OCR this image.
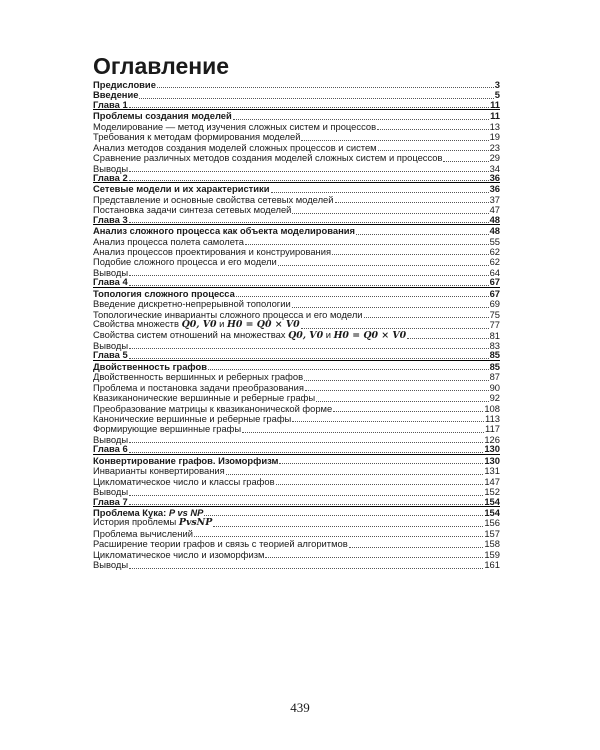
Оглавление
Предисловие	3
Введение	5
Глава 1	11
Проблемы создания моделей	11
Моделирование — метод изучения сложных систем и процессов	13
Требования к методам формирования моделей	19
Анализ методов создания моделей сложных процессов и систем	23
Сравнение различных методов создания моделей сложных систем и процессов	29
Выводы	34
Глава 2	36
Сетевые модели и их характеристики	36
Представление и основные свойства сетевых моделей	37
Постановка задачи синтеза сетевых моделей	47
Глава 3	48
Анализ сложного процесса как объекта моделирования	48
Анализ процесса полета самолета	55
Анализ процессов проектирования и конструирования	62
Подобие сложного процесса и его модели	62
Выводы	64
Глава 4	67
Топология сложного процесса	67
Введение дискретно-непрерывной топологии	69
Топологические инварианты сложного процесса и его модели	75
Свойства множеств Q0, V0 и H0 = Q0 × V0	77
Свойства систем отношений на множествах Q0, V0 и H0 = Q0 × V0	81
Выводы	83
Глава 5	85
Двойственность графов	85
Двойственность вершинных и реберных графов	87
Проблема и постановка задачи преобразования	90
Квазиканонические вершинные и реберные графы	92
Преобразование матрицы к квазиканонической форме	108
Канонические вершинные и реберные графы	113
Формирующие вершинные графы	117
Выводы	126
Глава 6	130
Конвертирование графов. Изоморфизм	130
Инварианты конвертирования	131
Цикломатическое число и классы графов	147
Выводы	152
Глава 7	154
Проблема Кука: P vs NP	154
История проблемы PvsNP	156
Проблема вычислений	157
Расширение теории графов и связь с теорией алгоритмов	158
Цикломатическое число и изоморфизм	159
Выводы	161
439
